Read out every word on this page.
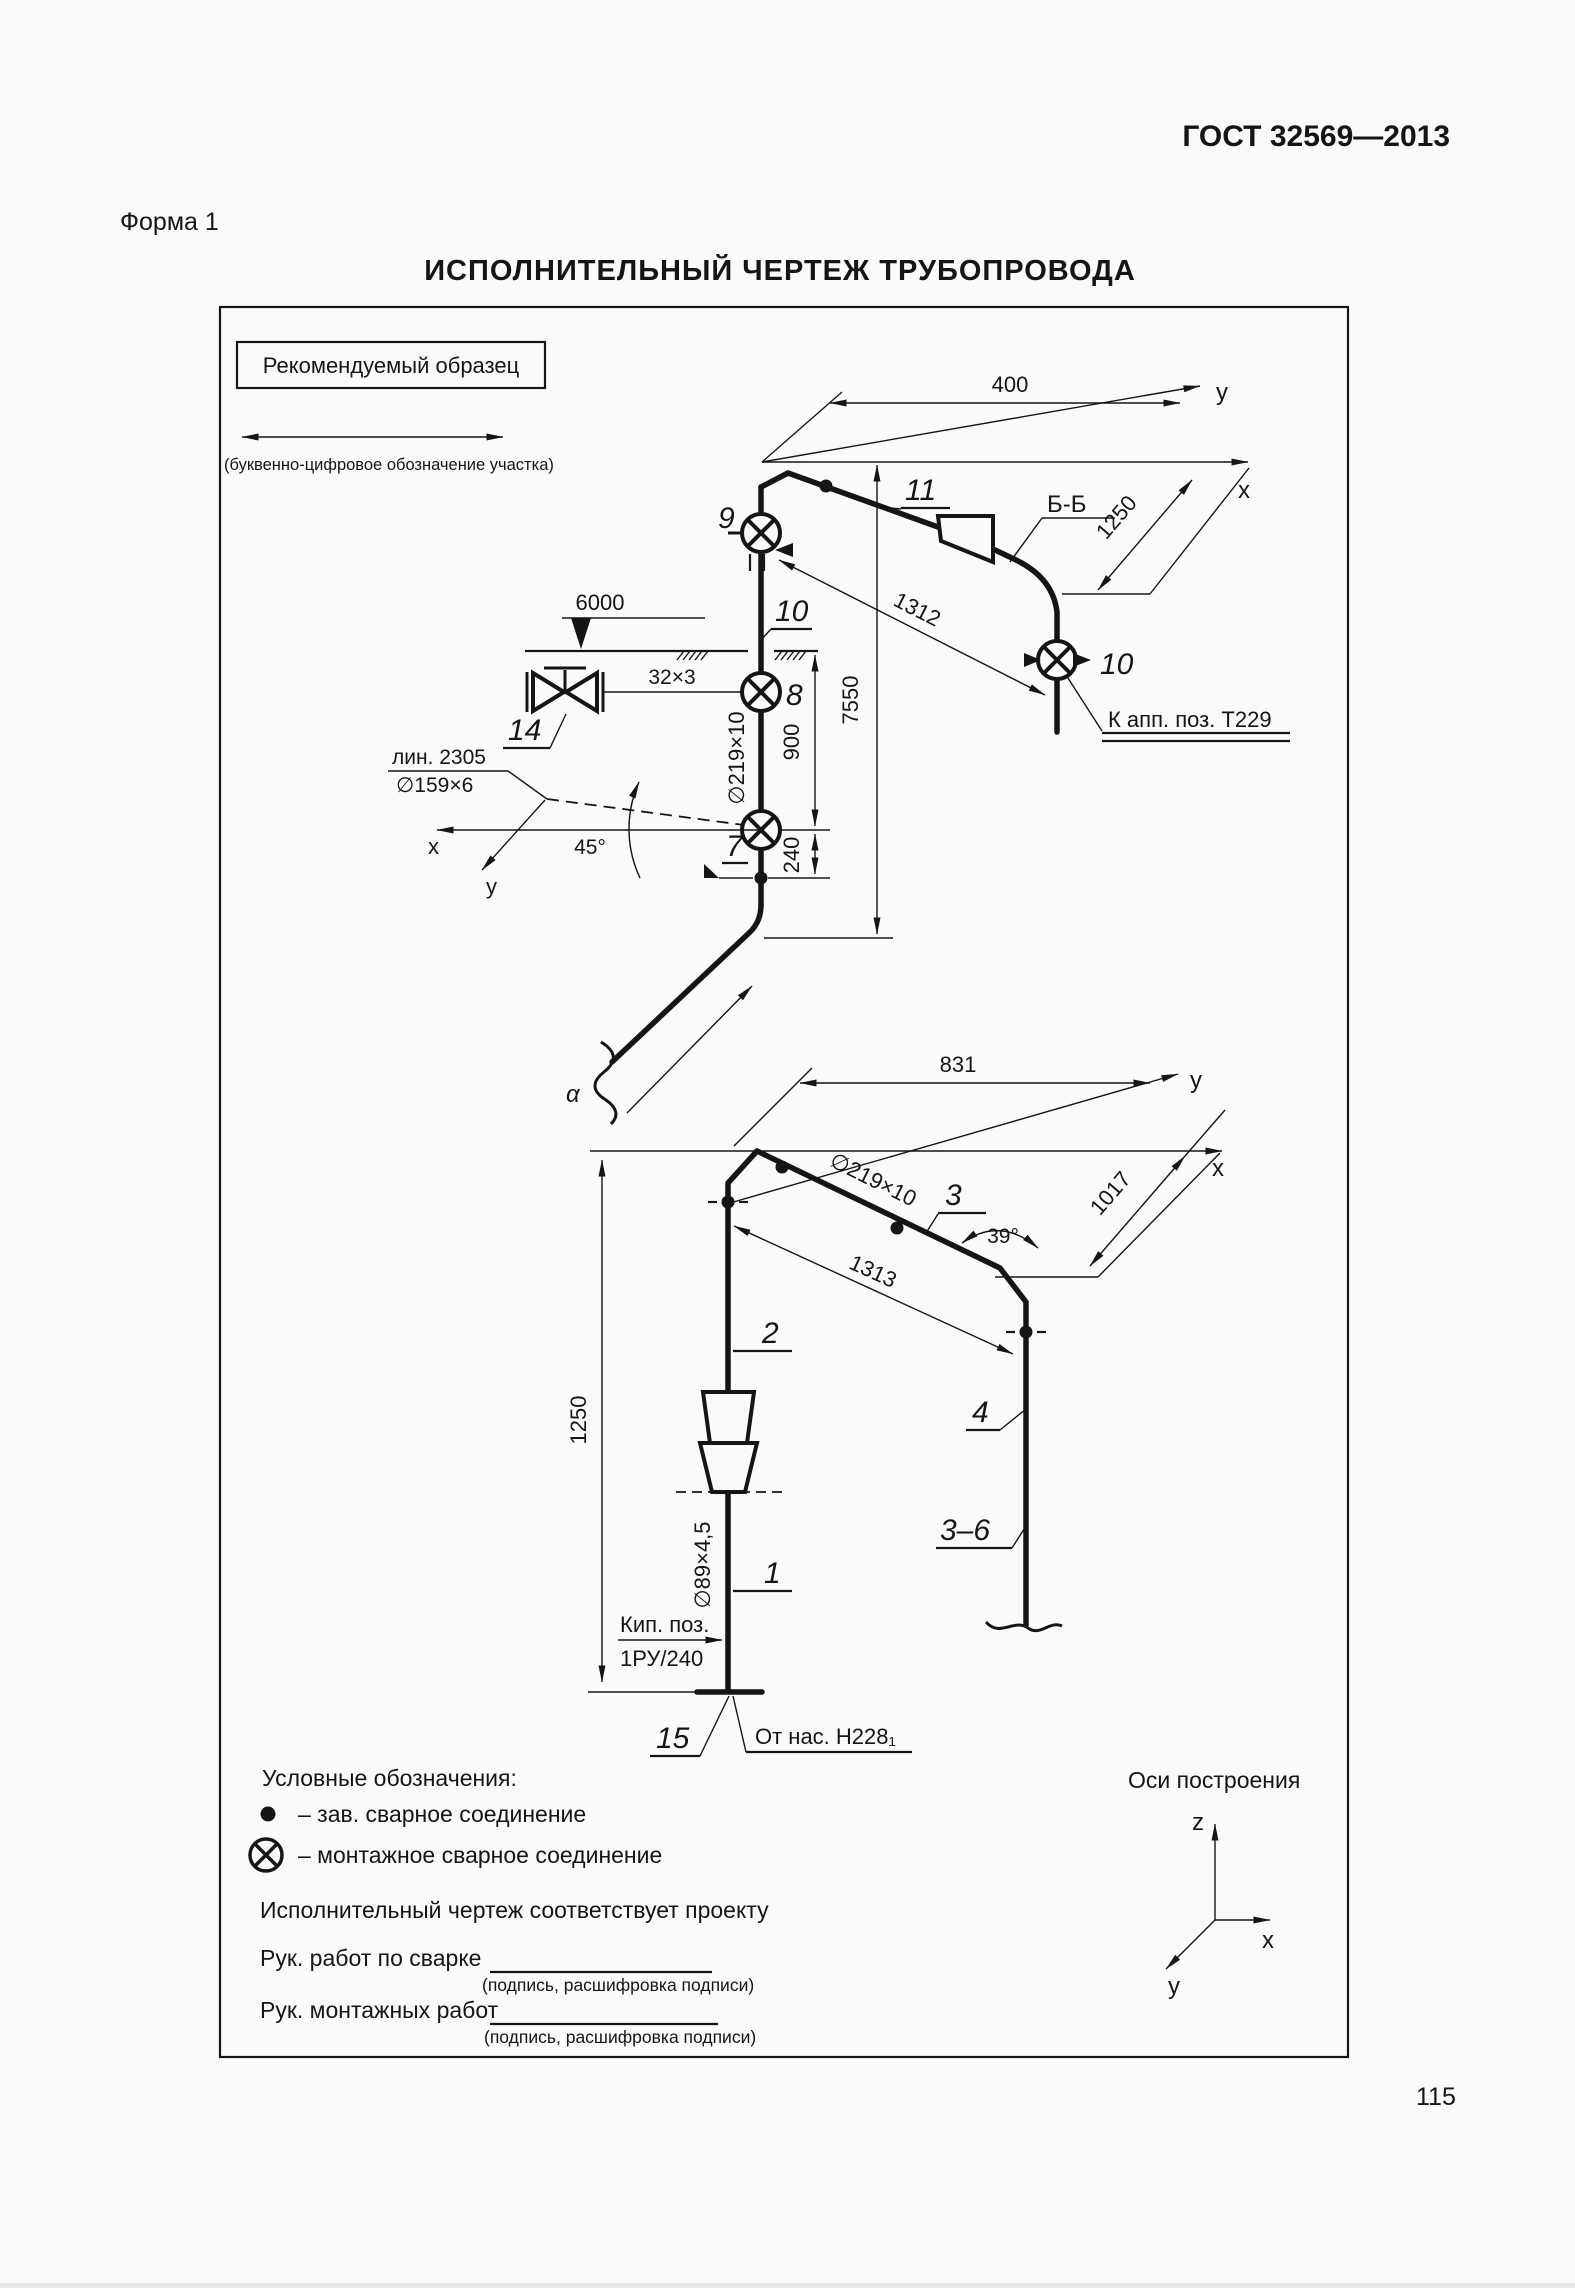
ГОСТ 32569—2013
Форма 1
ИСПОЛНИТЕЛЬНЫЙ ЧЕРТЕЖ ТРУБОПРОВОДА
115
Рекомендуемый образец
(буквенно-цифровое обозначение участка)
x
y
400
1250
7550
900
240
6000
α
Б-Б
32×3
14
лин. 2305
∅159×6
x
y
45°
1312
∅219×10
11
10
9
8
7
10
К апп. поз. Т229
x
y
831
1017
1250
1313
∅219×10 3
39°
2
4
3–6
∅89×4,5 1
Кип. поз.
1РУ/240
15	От нас. Н228₁
Условные обозначения:
– зав. сварное соединение
– монтажное сварное соединение
Исполнительный чертеж соответствует проекту
Рук. работ по сварке
(подпись, расшифровка подписи)
Рук. монтажных работ
(подпись, расшифровка подписи)
Оси построения
z
x
y
